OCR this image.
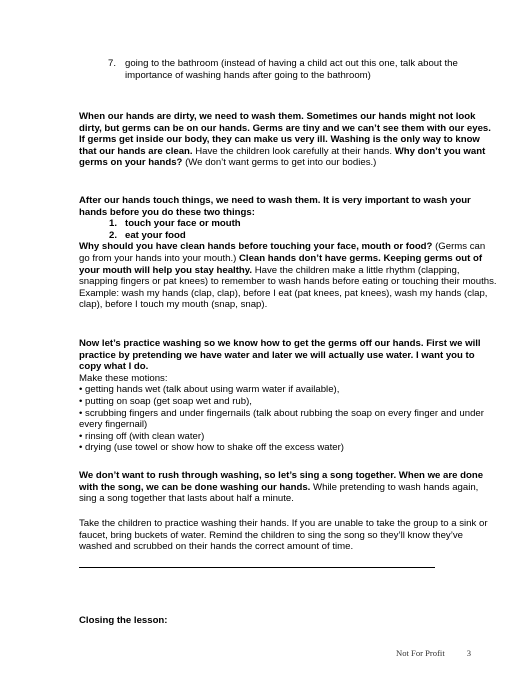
7. going to the bathroom (instead of having a child act out this one, talk about the importance of washing hands after going to the bathroom)

When our hands are dirty, we need to wash them. Sometimes our hands might not look dirty, but germs can be on our hands. Germs are tiny and we can’t see them with our eyes. If germs get inside our body, they can make us very ill. Washing is the only way to know that our hands are clean. Have the children look carefully at their hands. Why don’t you want germs on your hands? (We don’t want germs to get into our bodies.)

After our hands touch things, we need to wash them. It is very important to wash your hands before you do these two things:
1. touch your face or mouth
2. eat your food
Why should you have clean hands before touching your face, mouth or food? (Germs can go from your hands into your mouth.) Clean hands don’t have germs. Keeping germs out of your mouth will help you stay healthy. Have the children make a little rhythm (clapping, snapping fingers or pat knees) to remember to wash hands before eating or touching their mouths. Example: wash my hands (clap, clap), before I eat (pat knees, pat knees), wash my hands (clap, clap), before I touch my mouth (snap, snap).
Now let’s practice washing so we know how to get the germs off our hands. First we will practice by pretending we have water and later we will actually use water. I want you to copy what I do.
Make these motions:
• getting hands wet (talk about using warm water if available),
• putting on soap (get soap wet and rub),
• scrubbing fingers and under fingernails (talk about rubbing the soap on every finger and under every fingernail)
• rinsing off (with clean water)
• drying (use towel or show how to shake off the excess water)

We don’t want to rush through washing, so let’s sing a song together. When we are done with the song, we can be done washing our hands. While pretending to wash hands again, sing a song together that lasts about half a minute.

Take the children to practice washing their hands. If you are unable to take the group to a sink or faucet, bring buckets of water. Remind the children to sing the song so they’ll know they’ve washed and scrubbed on their hands the correct amount of time.

Closing the lesson:
Not For Profit	3
